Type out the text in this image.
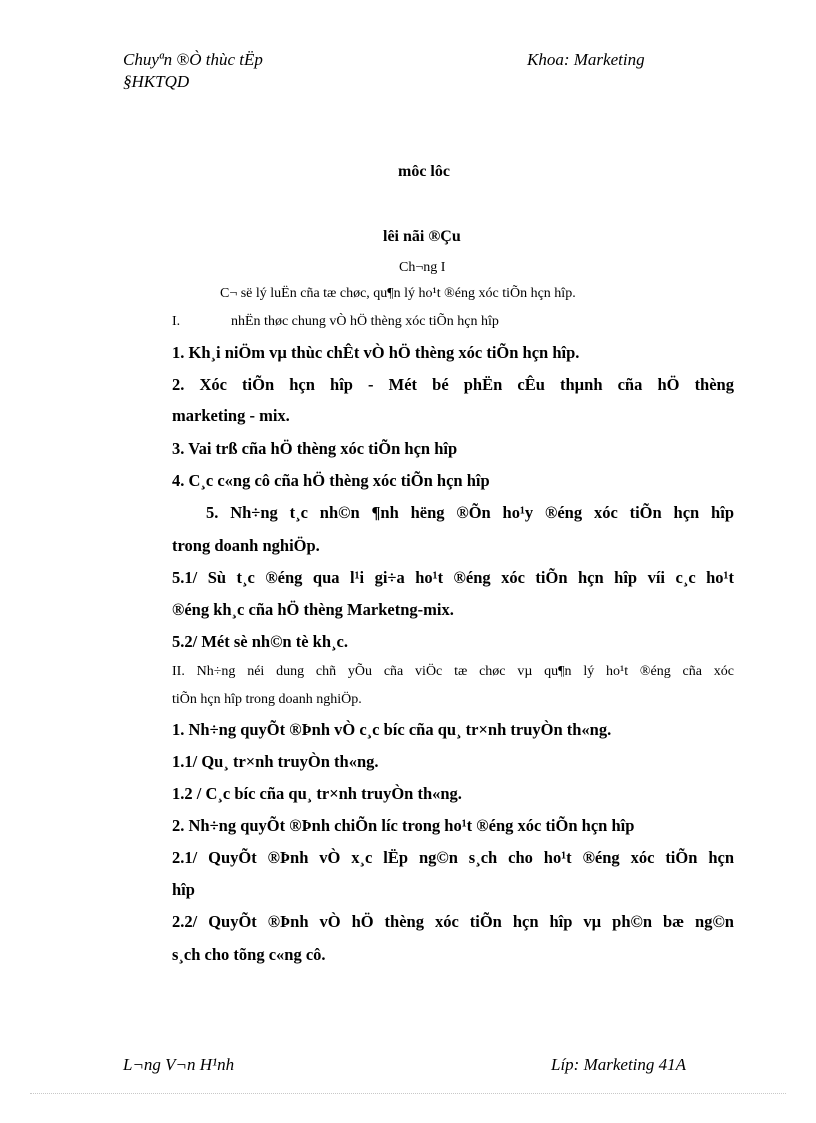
Chuyªn ®Ò thùc tËp
§HKTQD
Khoa: Marketing
môc lôc
lêi nãi ®Çu
Ch¬ng I
C¬ së lý luËn cña tæ chøc, qu¶n lý ho¹t ®éng xóc tiÕn hçn hîp.
I.	nhËn thøc chung vÒ hÖ thèng xóc tiÕn hçn hîp
1. Kh¸i niÖm vµ thùc chÊt vÒ hÖ thèng xóc tiÕn hçn hîp.
2. Xóc tiÕn hçn hîp - Mét bé phËn cÊu thµnh cña hÖ thèng
marketing - mix.
3. Vai trß cña hÖ thèng xóc tiÕn hçn hîp
4. C¸c c«ng cô cña hÖ thèng xóc tiÕn hçn hîp
5. Nh÷ng t¸c nh©n ¶nh hëng ®Õn ho¹y ®éng xóc tiÕn hçn hîp
trong doanh nghiÖp.
5.1/ Sù t¸c ®éng qua l¹i gi÷a ho¹t ®éng xóc tiÕn hçn hîp víi c¸c ho¹t
®éng kh¸c cña hÖ thèng Marketng-mix.
5.2/ Mét sè nh©n tè kh¸c.
II. Nh÷ng néi dung chñ yÕu cña viÖc tæ chøc vµ qu¶n lý ho¹t ®éng cña xóc
tiÕn hçn hîp trong doanh nghiÖp.
1. Nh÷ng quyÕt ®Þnh vÒ c¸c bíc cña qu¸ tr×nh truyÒn th«ng.
1.1/ Qu¸ tr×nh truyÒn th«ng.
1.2 / C¸c bíc cña qu¸ tr×nh truyÒn th«ng.
2. Nh÷ng quyÕt ®Þnh chiÕn líc trong ho¹t ®éng xóc tiÕn hçn hîp
2.1/ QuyÕt ®Þnh vÒ x¸c lËp ng©n s¸ch cho ho¹t ®éng xóc tiÕn hçn
hîp
2.2/ QuyÕt ®Þnh vÒ hÖ thèng xóc tiÕn hçn hîp vµ ph©n bæ ng©n
s¸ch cho tõng c«ng cô.
L¬ng V¬n H¹nh	Líp: Marketing 41A
